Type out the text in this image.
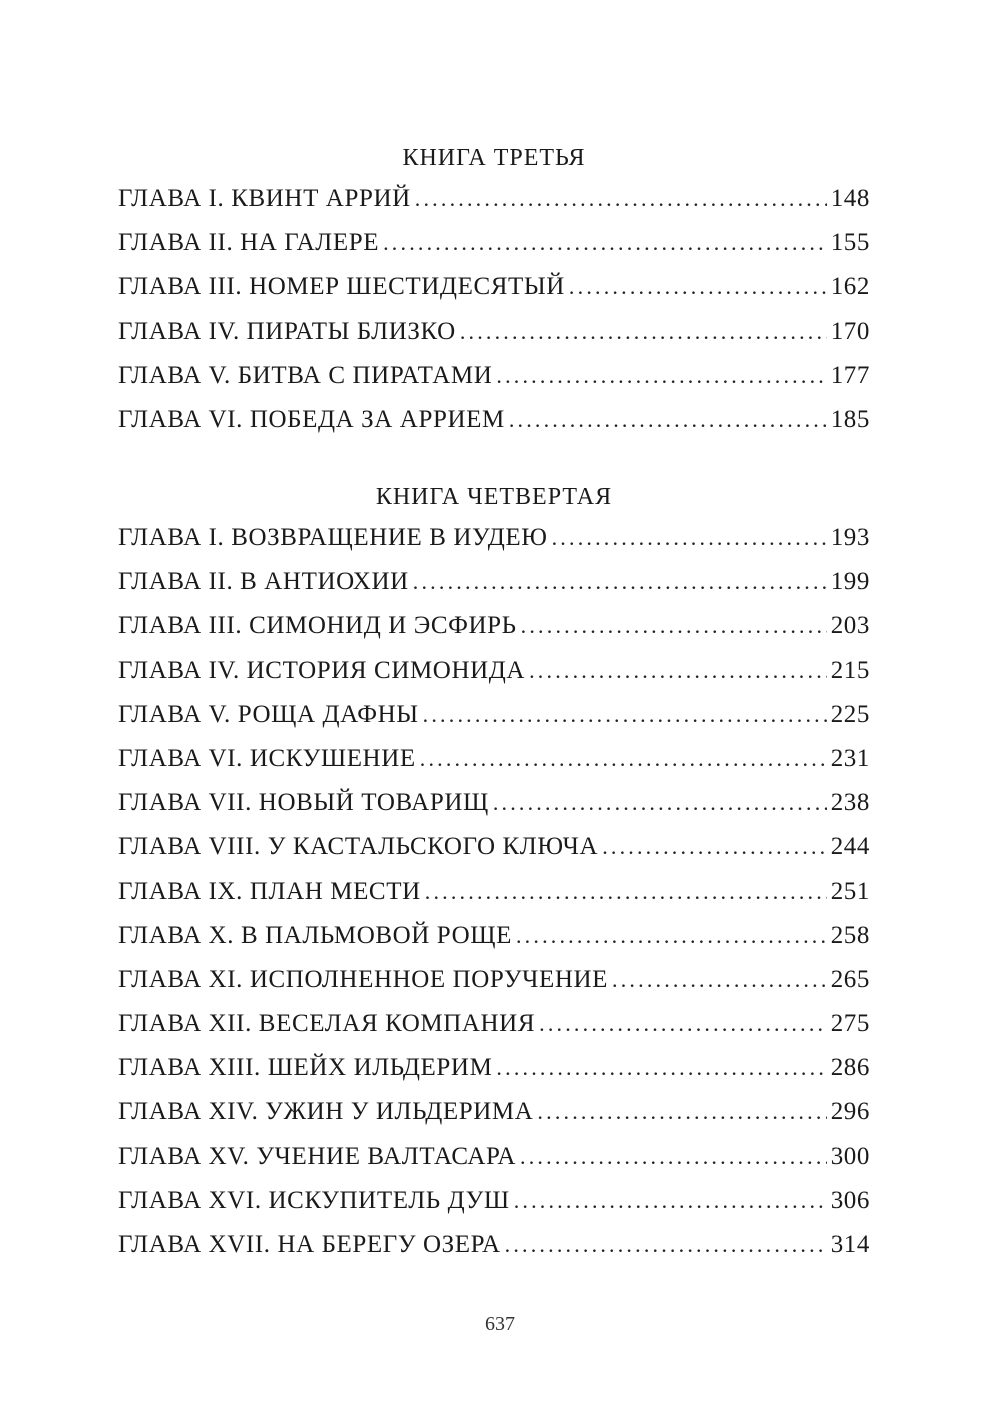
КНИГА ТРЕТЬЯ
ГЛАВА I. КВИНТ АРРИЙ .....	148
ГЛАВА II. НА ГАЛЕРЕ .....	155
ГЛАВА III. НОМЕР ШЕСТИДЕСЯТЫЙ .....	162
ГЛАВА IV. ПИРАТЫ БЛИЗКО .....	170
ГЛАВА V. БИТВА С ПИРАТАМИ .....	177
ГЛАВА VI. ПОБЕДА ЗА АРРИЕМ .....	185
КНИГА ЧЕТВЕРТАЯ
ГЛАВА I. ВОЗВРАЩЕНИЕ В ИУДЕЮ .....	193
ГЛАВА II. В АНТИОХИИ .....	199
ГЛАВА III. СИМОНИД И ЭСФИРЬ .....	203
ГЛАВА IV. ИСТОРИЯ СИМОНИДА .....	215
ГЛАВА V. РОЩА ДАФНЫ .....	225
ГЛАВА VI. ИСКУШЕНИЕ .....	231
ГЛАВА VII. НОВЫЙ ТОВАРИЩ .....	238
ГЛАВА VIII. У КАСТАЛЬСКОГО КЛЮЧА .....	244
ГЛАВА IX. ПЛАН МЕСТИ .....	251
ГЛАВА X. В ПАЛЬМОВОЙ РОЩЕ .....	258
ГЛАВА XI. ИСПОЛНЕННОЕ ПОРУЧЕНИЕ .....	265
ГЛАВА XII. ВЕСЕЛАЯ КОМПАНИЯ .....	275
ГЛАВА XIII. ШЕЙХ ИЛЬДЕРИМ .....	286
ГЛАВА XIV. УЖИН У ИЛЬДЕРИМА .....	296
ГЛАВА XV. УЧЕНИЕ ВАЛТАСАРА .....	300
ГЛАВА XVI. ИСКУПИТЕЛЬ ДУШ .....	306
ГЛАВА XVII. НА БЕРЕГУ ОЗЕРА .....	314
637
